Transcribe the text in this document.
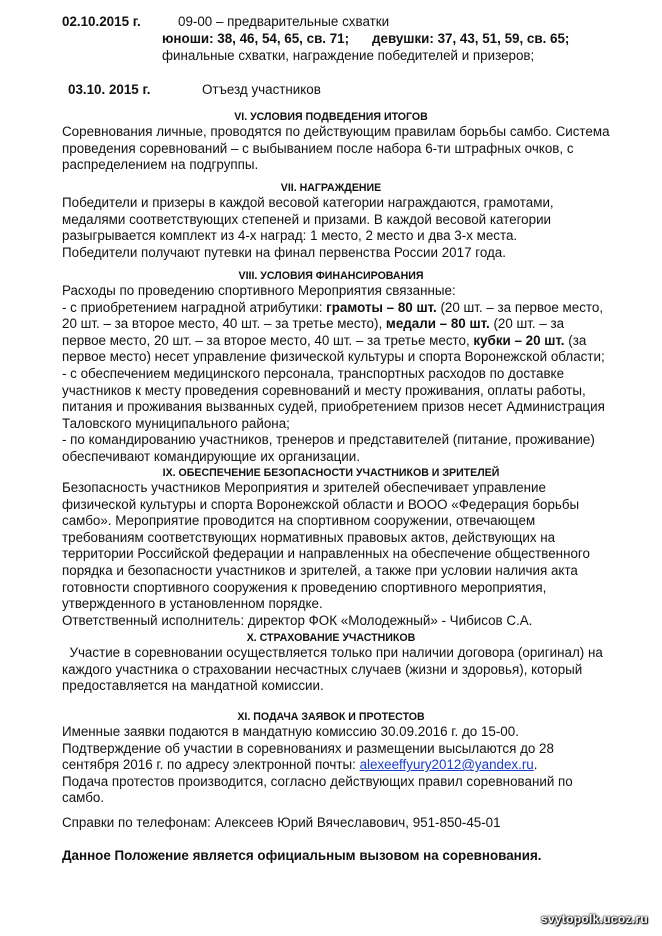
02.10.2015 г.	09-00 – предварительные схватки
юноши: 38, 46, 54, 65, св. 71; девушки: 37, 43, 51, 59, св. 65;
финальные схватки, награждение победителей и призеров;
03.10. 2015 г.	Отъезд участников
VI. УСЛОВИЯ ПОДВЕДЕНИЯ ИТОГОВ
Соревнования личные, проводятся по действующим правилам борьбы самбо. Система
проведения соревнований – с выбыванием после набора 6-ти штрафных очков, с
распределением на подгруппы.
VII. НАГРАЖДЕНИЕ
Победители и призеры в каждой весовой категории награждаются, грамотами,
медалями соответствующих степеней и призами. В каждой весовой категории
разыгрывается комплект из 4-х наград: 1 место, 2 место и два 3-х места.
Победители получают путевки на финал первенства России 2017 года.
VIII. УСЛОВИЯ ФИНАНСИРОВАНИЯ
Расходы по проведению спортивного Мероприятия связанные:
- с приобретением наградной атрибутики: грамоты – 80 шт. (20 шт. – за первое место,
20 шт. – за второе место, 40 шт. – за третье место), медали – 80 шт. (20 шт. – за
первое место, 20 шт. – за второе место, 40 шт. – за третье место, кубки – 20 шт. (за
первое место) несет управление физической культуры и спорта Воронежской области;
- с обеспечением медицинского персонала, транспортных расходов по доставке
участников к месту проведения соревнований и месту проживания, оплаты работы,
питания и проживания вызванных судей, приобретением призов несет Администрация
Таловского муниципального района;
- по командированию участников, тренеров и представителей (питание, проживание)
обеспечивают командирующие их организации.
IX. ОБЕСПЕЧЕНИЕ БЕЗОПАСНОСТИ УЧАСТНИКОВ И ЗРИТЕЛЕЙ
Безопасность участников Мероприятия и зрителей обеспечивает управление
физической культуры и спорта Воронежской области и ВООО «Федерация борьбы
самбо». Мероприятие проводится на спортивном сооружении, отвечающем
требованиям соответствующих нормативных правовых актов, действующих на
территории Российской федерации и направленных на обеспечение общественного
порядка и безопасности участников и зрителей, а также при условии наличия акта
готовности спортивного сооружения к проведению спортивного мероприятия,
утвержденного в установленном порядке.
Ответственный исполнитель: директор ФОК «Молодежный» - Чибисов С.А.
X. СТРАХОВАНИЕ УЧАСТНИКОВ
Участие в соревновании осуществляется только при наличии договора (оригинал) на
каждого участника о страховании несчастных случаев (жизни и здоровья), который
предоставляется на мандатной комиссии.
XI. ПОДАЧА ЗАЯВОК И ПРОТЕСТОВ
Именные заявки подаются в мандатную комиссию 30.09.2016 г. до 15-00.
Подтверждение об участии в соревнованиях и размещении высылаются до 28
сентября 2016 г. по адресу электронной почты: alexeeffyury2012@yandex.ru.
Подача протестов производится, согласно действующих правил соревнований по
самбо.
Справки по телефонам: Алексеев Юрий Вячеславович, 951-850-45-01
Данное Положение является официальным вызовом на соревнования.
svytopolk.ucoz.ru
